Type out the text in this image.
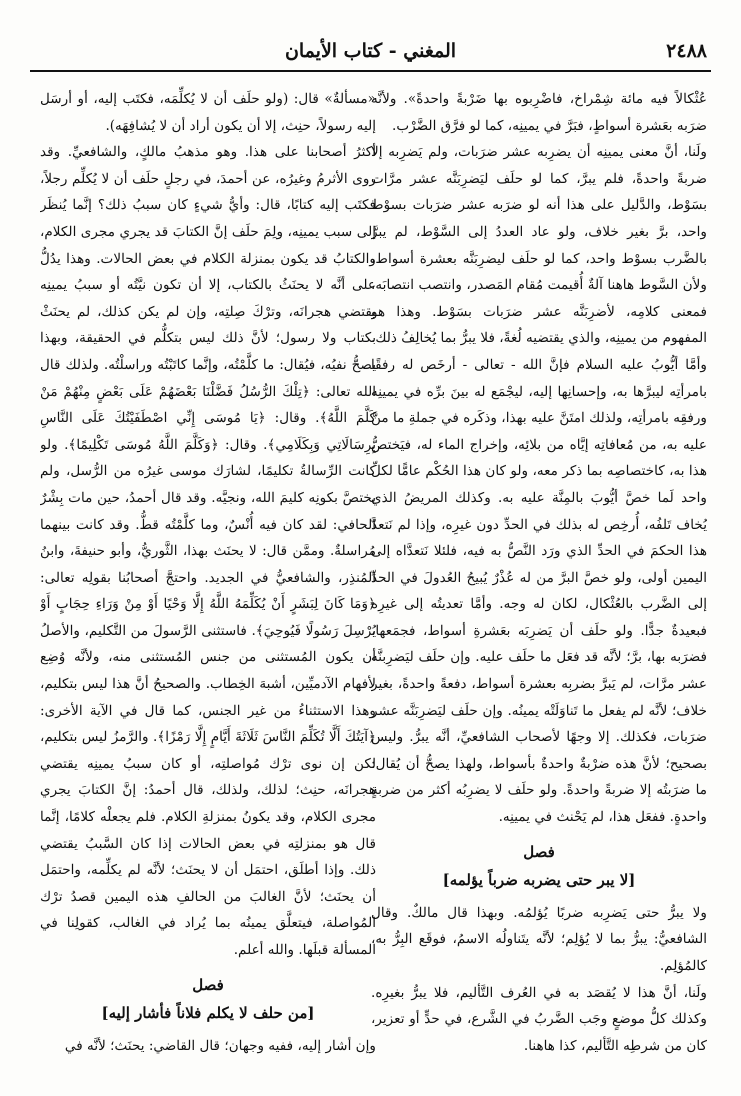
٢٤٨٨
المغني - كتاب الأيمان

عُثْكالاً فيه مائة شِمْراخ، فاضْرِبوه بها ضَرْبةً واحدةً». ولأنَّه ضرَبه بعَشرة أسواطٍ، فبَرَّ في يمينِه، كما لو فرَّق الضَّرْب.

ولَنا، أنَّ معنى يمينِه أن يضرِبه عشر ضرَبات، ولم يَضرِبه إلا ضربةً واحدةً، فلم يبرَّ، كما لو حلَف ليَضرِبَنَّه عشر مرَّات بسَوْط، والدَّليل على هذا أنه لو ضرَبه عشر ضرَبات بسوْط واحد، برَّ بغير خلاف، ولو عاد العددُ إلى السَّوْط، لم يبرَّ بالضَّرب بسوْط واحد، كما لو حلَف ليضرِبَنَّه بعشرة أسواط، ولأن السَّوط هاهنا آلةٌ أُقيمت مُقام المَصدر، وانتصب انتصابَه، فمعنى كلامِه، لأضرِبَنَّه عشر ضرَبات بسَوْط. وهذا هو المفهوم من يمينِه، والذي يقتضيه لُغةً، فلا يبرُّ بما يُخالِفُ ذلك. وأمَّا أيُّوبُ عليه السلام فإنَّ الله - تعالى - أرخَص له رفقًا بامرأتِه ليبرَّها به، وإحسانِها إليه، ليجْمَع له بينَ برِّه في يمينِه ورفقِه بامرأتِه، ولذلك امتَنَّ عليه بهذا، وذكَره في جملةِ ما منَّ عليه به، من مُعافاتِه إيَّاه من بلائِه، وإخراج الماء له، فيَختصُّ هذا به، كاختصاصِه بما ذكر معه، ولو كان هذا الحُكْم عامًّا لكلِّ واحد لَما خصَّ أيُّوبَ بالمِنَّة عليه به. وكذلك المريضُ الذي يُخاف تَلفُه، أُرخِص له بذلك في الحدِّ دون غيرِه، وإذا لم نَتعدَّ هذا الحكمَ في الحدِّ الذي ورَد النَّصُّ به فيه، فلئلا نَتعدَّاه إلى اليمين أولى، ولو خصَّ البرَّ من له عُذْرٌ يُبيحُ العُدولَ في الحدِّ إلى الضَّرب بالعُثْكال، لكان له وجه. وأمَّا تعديتُه إلى غيرِه فبعيدةٌ جدًّا. ولو حلَف أن يَضرِبَه بعَشرةِ أسواط، فجمَعها، فضرَبه بها، برَّ؛ لأنَّه قد فعَل ما حلَف عليه. وإن حلَف ليَضرِبنَّه عشر مرَّات، لم يَبرَّ بضربِه بعشرة أسواط، دفعةً واحدةً، بغير خلاف؛ لأنَّه لم يفعل ما تَناوَلَتْه يمينُه. وإن حلَف ليَضرِبَنَّه عشر ضرَبات، فكذلك. إلا وجهًا لأصحاب الشافعيِّ، أنَّه يبرُّ. وليس بصحيح؛ لأنَّ هذه ضرْبةٌ واحدةٌ بأسواط، ولهذا يصحُّ أن يُقال: ما ضرَبتُه إلا ضربةً واحدةً. ولو حلَف لا يضرِبُه أكثر من ضربةٍ واحدةٍ. ففعَل هذا، لم يَحْنث في يمينِه.

فصل
[لا يبر حتى يضربه ضرباً يؤلمه]

ولا يبرُّ حتى يَضرِبه ضربًا يُؤلمُه. وبهذا قال مالكٌ. وقال الشافعيُّ: يبرُّ بما لا يُؤلِم؛ لأنَّه يتَناولُه الاسمُ، فوقَع البِرُّ به، كالمُؤلِم.

ولَنا، أنَّ هذا لا يُقصَد به في العُرف التَّأليم، فلا يبرُّ بغيرِه. وكذلك كلُّ موضعٍ وجَب الضَّربُ في الشَّرع، في حدٍّ أو تعزير، كان من شرطِه التَّأليم، كذا هاهنا.

«مسألةٌ» قال: (ولو حلَف أن لا يُكلِّمَه، فكتَب إليه، أو أرسَل إليه رسولاً، حنِث، إلا أن يكون أراد أن لا يُشافِهَه).

أكثرُ أصحابنا على هذا. وهو مذهبُ مالكٍ، والشافعيِّ. وقد روى الأثرمُ وغيرُه، عن أحمدَ، في رجلٍ حلَف أن لا يُكلِّم رجلاً، فكتَب إليه كتابًا، قال: وأيُّ شيءٍ كان سببُ ذلك؟ إنَّما يُنظَر إلى سبب يمينِه، ولِمَ حلَف إنَّ الكتابَ قد يجري مجرى الكلام، والكتابُ قد يكون بمنزلة الكلام في بعض الحالات. وهذا يدُلُّ على أنَّه لا يحنَثُ بالكتاب، إلا أن تكون نيَّتُه أو سببُ يمينِه يقتضي هجرانَه، وترْكَ صِلتِه، وإن لم يكن كذلك، لم يحنَثْ بكتاب ولا رسول؛ لأنَّ ذلك ليس بتكلُّم في الحقيقة، وبهذا يصحُّ نفيُه، فيُقال: ما كلَّمْتُه، وإنَّما كاتَبْتُه وراسلْتُه. ولذلك قال الله تعالى: ﴿تِلْكَ الرُّسُلُ فَضَّلْنَا بَعْضَهُمْ عَلَى بَعْضٍ مِنْهُمْ مَنْ كَلَّمَ اللَّهُ﴾. وقال: ﴿يَا مُوسَى إِنِّي اصْطَفَيْتُكَ عَلَى النَّاسِ بِرِسَالَاتِي وَبِكَلَامِي﴾. وقال: ﴿وَكَلَّمَ اللَّهُ مُوسَى تَكْلِيمًا﴾. ولو كانت الرِّسالةُ تكليمًا، لشارَك موسى غيرُه من الرُّسل، ولم يختصَّ بكونِه كليمَ الله، ونجيَّه. وقد قال أحمدُ، حين مات بِشْرٌ الحافي: لقد كان فيه أُنْسٌ، وما كلَّمْتُه قطُّ. وقد كانت بينهما مُراسلةٌ. وممَّن قال: لا يحنَث بهذا، الثَّوريُّ، وأبو حنيفةَ، وابنُ المُنذِر، والشافعيُّ في الجديد. واحتجَّ أصحابُنا بقولِه تعالى: ﴿وَمَا كَانَ لِبَشَرٍ أَنْ يُكَلِّمَهُ اللَّهُ إِلَّا وَحْيًا أَوْ مِنْ وَرَاءِ حِجَابٍ أَوْ يُرْسِلَ رَسُولًا فَيُوحِيَ﴾. فاستثنى الرَّسولَ من التَّكليم، والأصلُ أن يكون المُستثنى من جنس المُستثنى منه، ولأنَّه وُضِع لأفهام الآدميِّين، أشبهَ الخِطاب. والصحيحُ أنَّ هذا ليس بتكليم، وهذا الاستثناءُ من غير الجنس، كما قال في الآية الأخرى: ﴿آيَتُكَ أَلَّا تُكَلِّمَ النَّاسَ ثَلَاثَةَ أَيَّامٍ إِلَّا رَمْزًا﴾. والرَّمزُ ليس بتكليم، لكن إن نوى ترْك مُواصلتِه، أو كان سببُ يمينِه يقتضي هجرانَه، حنِث؛ لذلك، ولذلك، قال أحمدُ: إنَّ الكتابَ يجري مجرى الكلام، وقد يكونُ بمنزلةِ الكلام. فلم يجعلْه كلامًا، إنَّما قال هو بمنزلتِه في بعض الحالات إذا كان السَّببُ يقتضي ذلك. وإذا أطلَق، احتمَل أن لا يحنَث؛ لأنَّه لم يكلِّمه، واحتمَل أن يحنَث؛ لأنَّ الغالبَ من الحالفِ هذه اليمين قصدُ ترْك المُواصلة، فيتعلَّق يمينُه بما يُراد في الغالب، كقولِنا في المسألة قبلَها. والله أعلم.

فصل
[من حلف لا يكلم فلاناً فأشار إليه]

وإن أشار إليه، ففيه وجهان؛ قال القاضي: يحنَث؛ لأنَّه في
